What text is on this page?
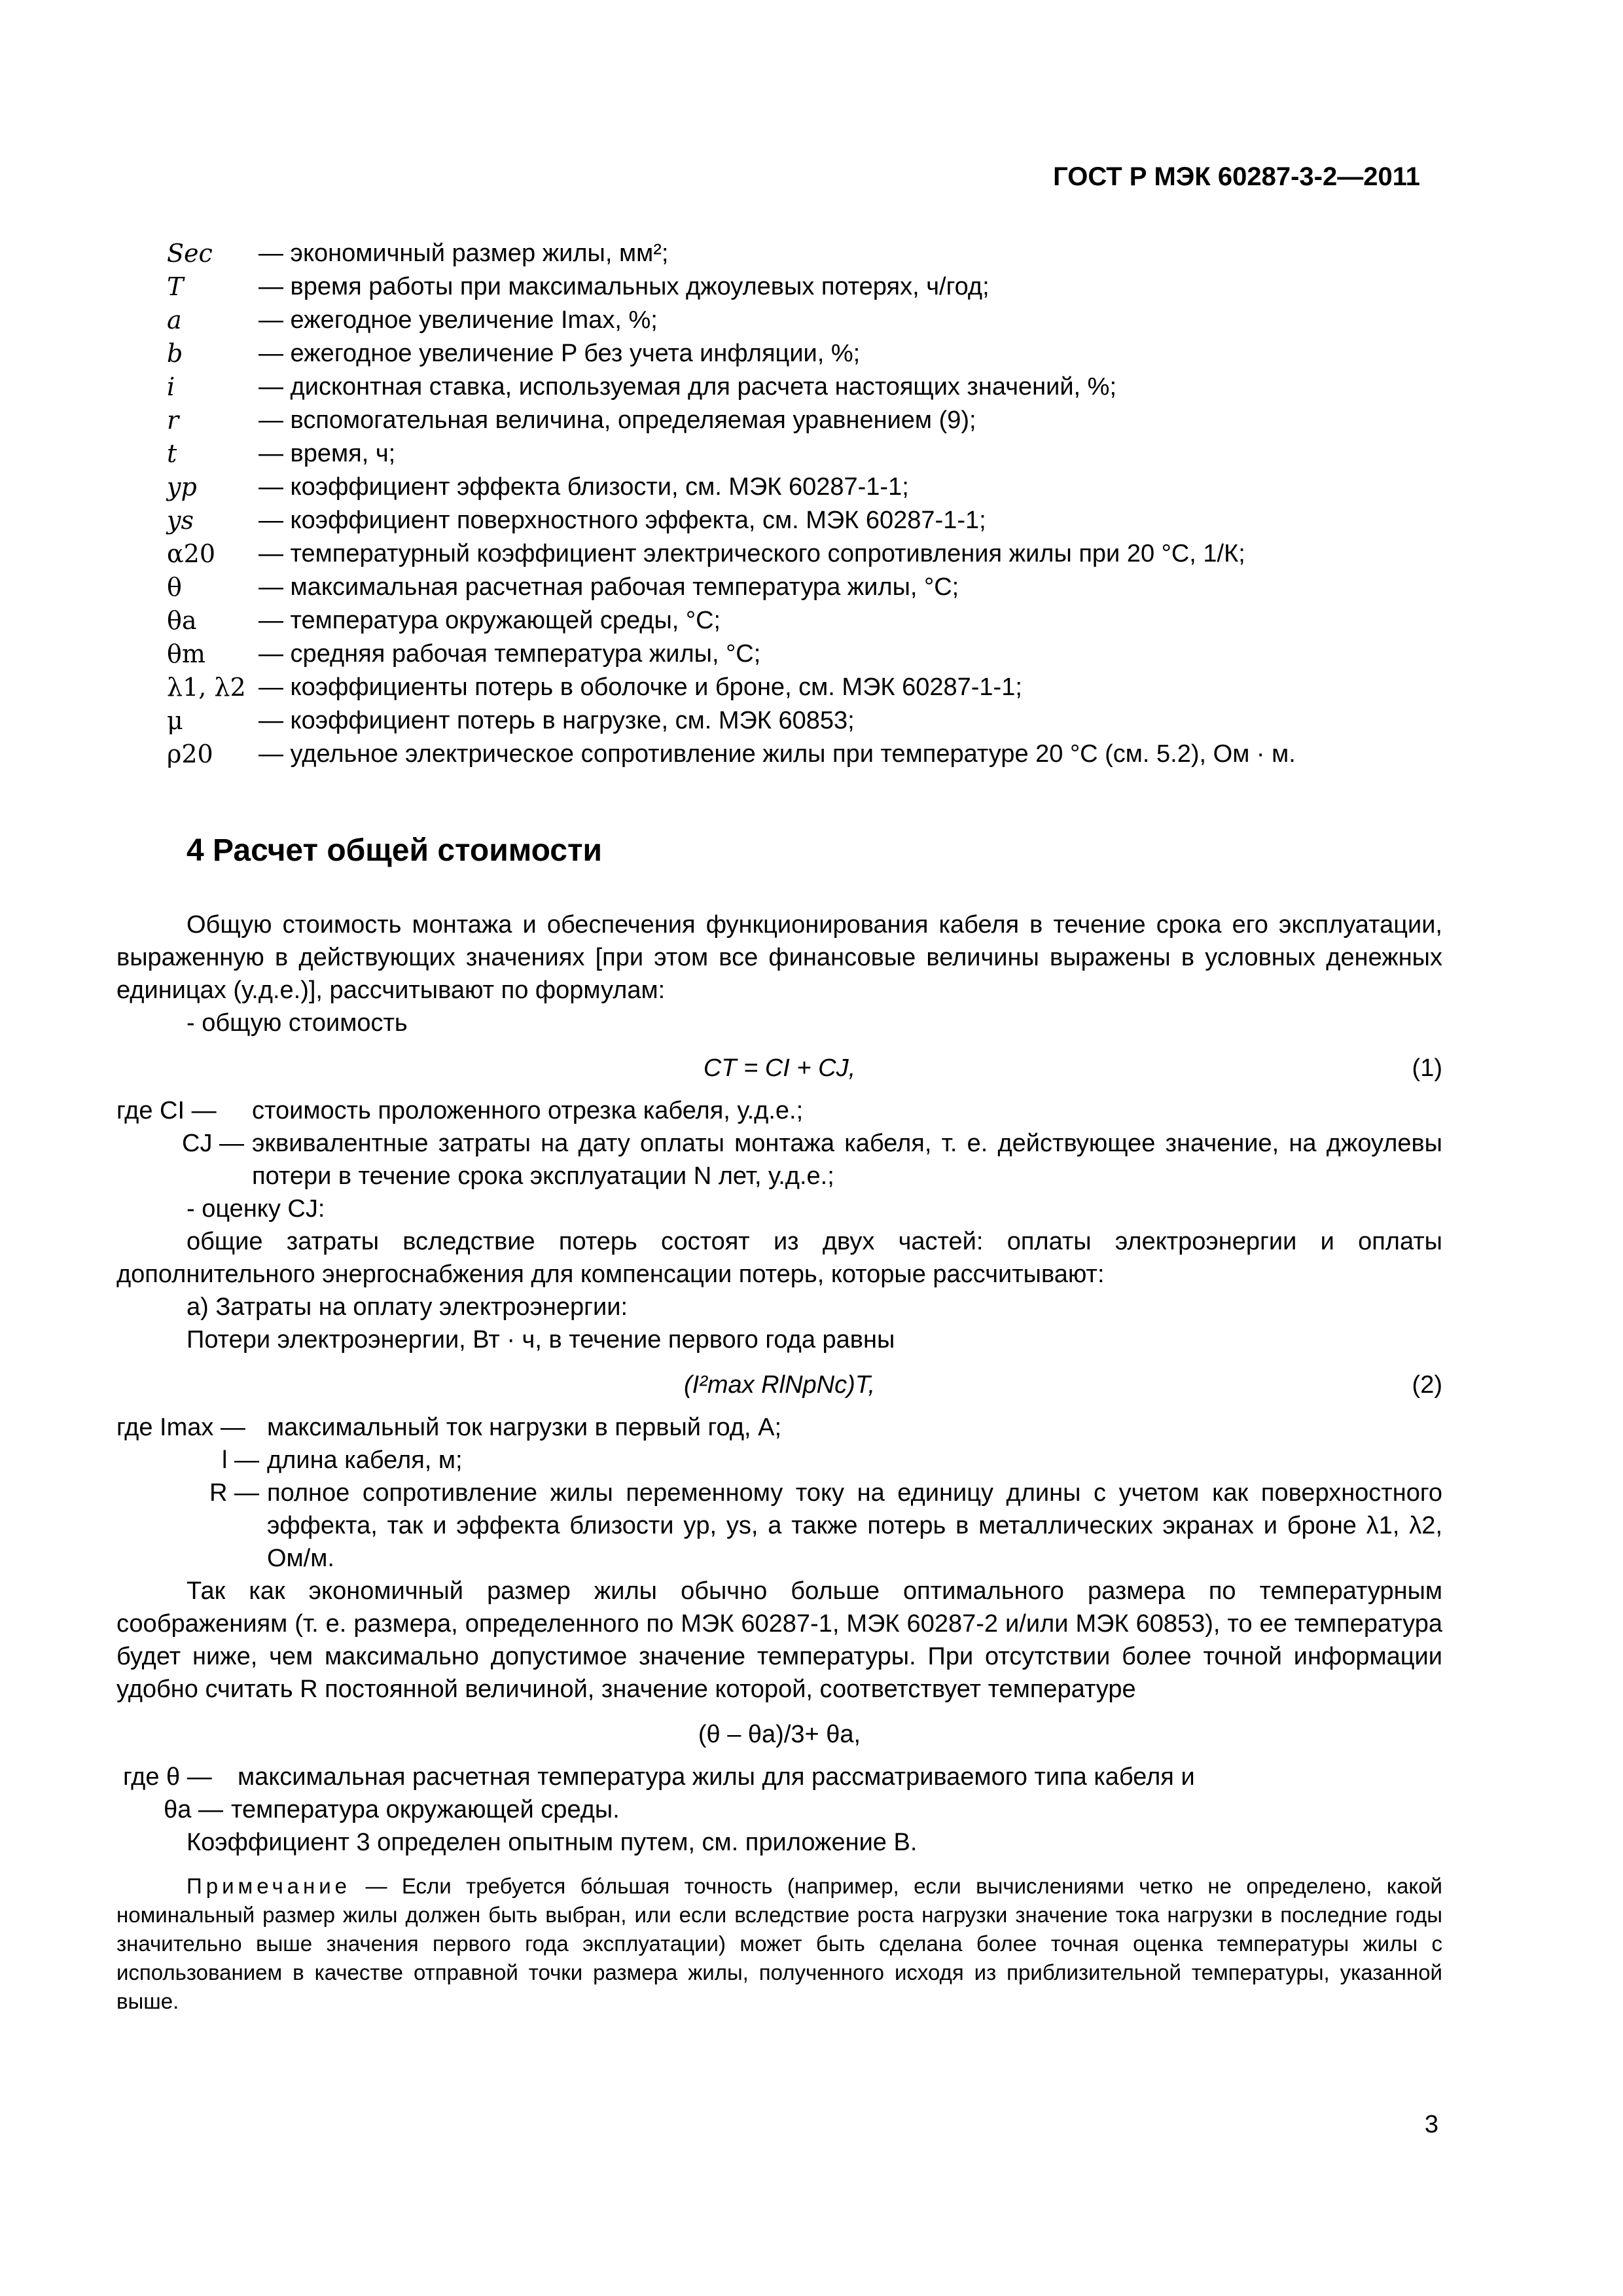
ГОСТ Р МЭК 60287-3-2—2011
Sec	— экономичный размер жилы, мм²;
T	— время работы при максимальных джоулевых потерях, ч/год;
a	— ежегодное увеличение Imax, %;
b	— ежегодное увеличение P без учета инфляции, %;
i	— дисконтная ставка, используемая для расчета настоящих значений, %;
r	— вспомогательная величина, определяемая уравнением (9);
t	— время, ч;
yp	— коэффициент эффекта близости, см. МЭК 60287-1-1;
ys	— коэффициент поверхностного эффекта, см. МЭК 60287-1-1;
α20	— температурный коэффициент электрического сопротивления жилы при 20 °С, 1/К;
θ	— максимальная расчетная рабочая температура жилы, °С;
θa	— температура окружающей среды, °С;
θm	— средняя рабочая температура жилы, °С;
λ1, λ2 — коэффициенты потерь в оболочке и броне, см. МЭК 60287-1-1;
μ	— коэффициент потерь в нагрузке, см. МЭК 60853;
ρ20	— удельное электрическое сопротивление жилы при температуре 20 °С (см. 5.2), Ом · м.
4 Расчет общей стоимости
Общую стоимость монтажа и обеспечения функционирования кабеля в течение срока его эксплуатации, выраженную в действующих значениях [при этом все финансовые величины выражены в условных денежных единицах (у.д.е.)], рассчитывают по формулам:
- общую стоимость
CT = CI + CJ,	(1)
где CI —	стоимость проложенного отрезка кабеля, у.д.е.;
CJ — эквивалентные затраты на дату оплаты монтажа кабеля, т. е. действующее значение, на джоулевы потери в течение срока эксплуатации N лет, у.д.е.;
- оценку CJ:
общие затраты вследствие потерь состоят из двух частей: оплаты электроэнергии и оплаты дополнительного энергоснабжения для компенсации потерь, которые рассчитывают:
а) Затраты на оплату электроэнергии:
Потери электроэнергии, Вт · ч, в течение первого года равны
(I²max RlNpNc)T,	(2)
где Imax — максимальный ток нагрузки в первый год, А;
l — длина кабеля, м;
R — полное сопротивление жилы переменному току на единицу длины с учетом как поверхностного эффекта, так и эффекта близости yp, ys, а также потерь в металлических экранах и броне λ1, λ2, Ом/м.
Так как экономичный размер жилы обычно больше оптимального размера по температурным соображениям (т. е. размера, определенного по МЭК 60287-1, МЭК 60287-2 и/или МЭК 60853), то ее температура будет ниже, чем максимально допустимое значение температуры. При отсутствии более точной информации удобно считать R постоянной величиной, значение которой, соответствует температуре
(θ – θa)/3+ θa,
где θ —	максимальная расчетная температура жилы для рассматриваемого типа кабеля и
θa — температура окружающей среды.
Коэффициент 3 определен опытным путем, см. приложение В.
Примечание — Если требуется бо́льшая точность (например, если вычислениями четко не определено, какой номинальный размер жилы должен быть выбран, или если вследствие роста нагрузки значение тока нагрузки в последние годы значительно выше значения первого года эксплуатации) может быть сделана более точная оценка температуры жилы с использованием в качестве отправной точки размера жилы, полученного исходя из приблизительной температуры, указанной выше.
3
